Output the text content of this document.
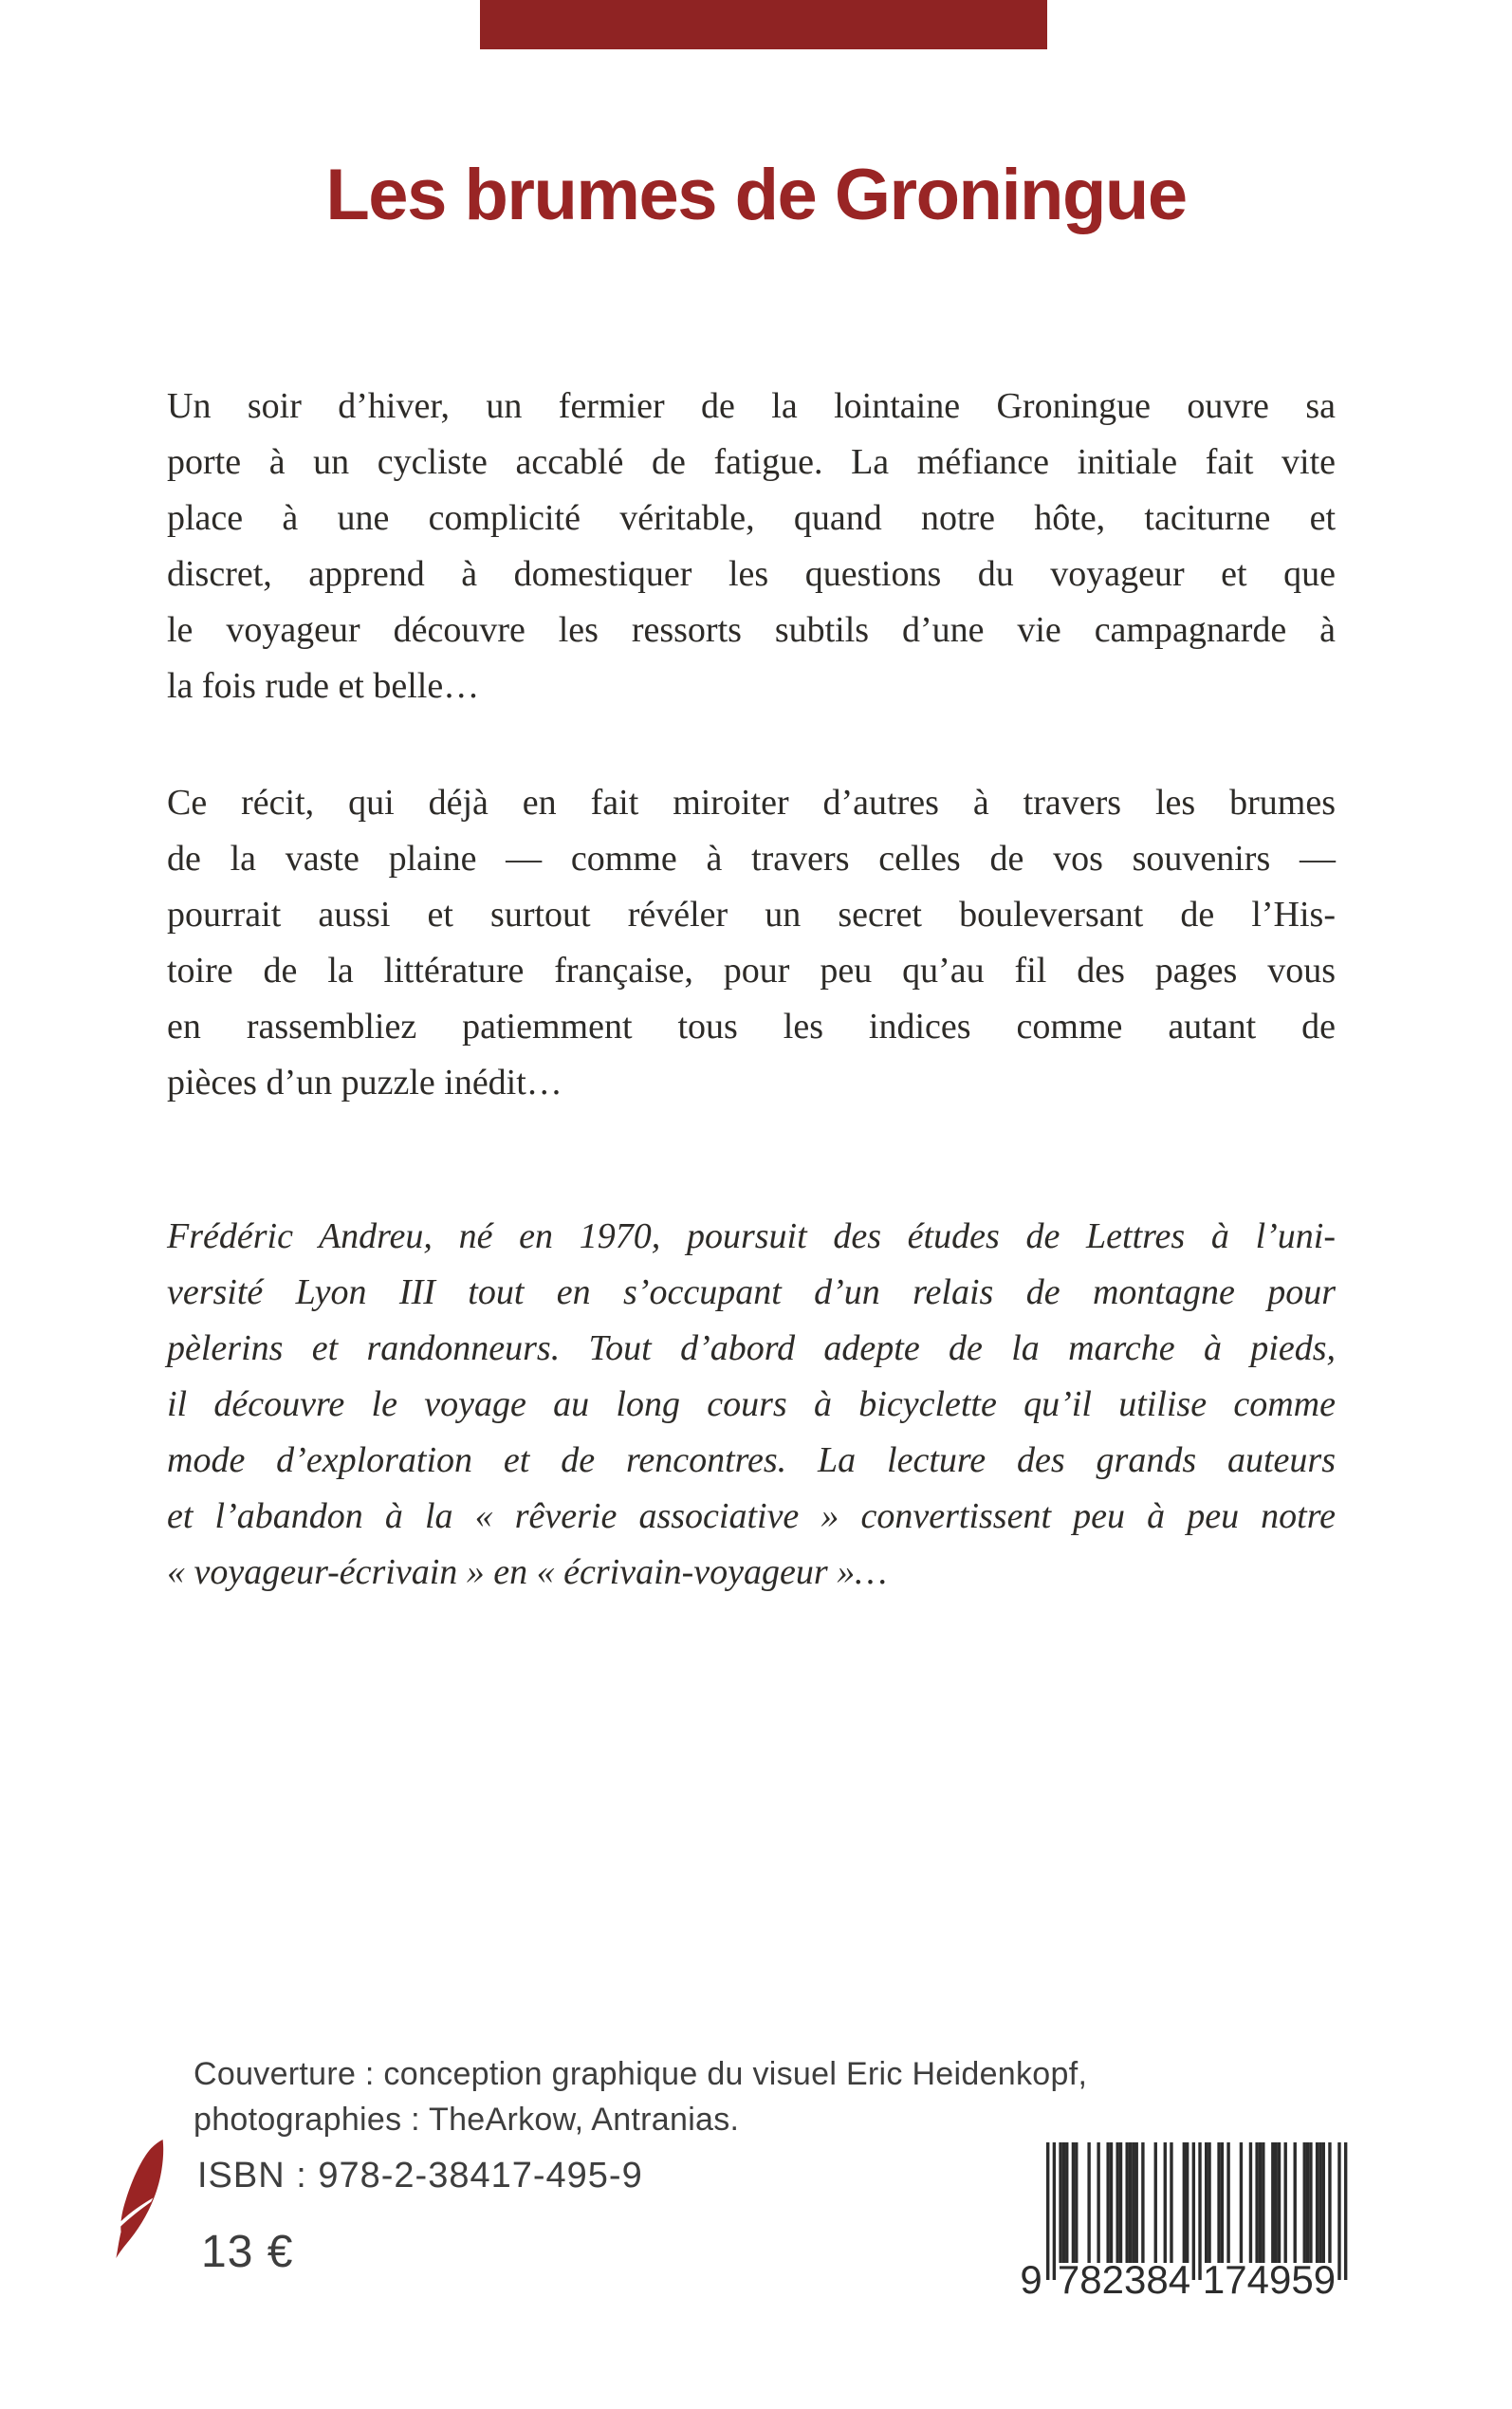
Les brumes de Groningue
Un soir d’hiver, un fermier de la lointaine Groningue ouvre sa
porte à un cycliste accablé de fatigue. La méfiance initiale fait vite
place à une complicité véritable, quand notre hôte, taciturne et
discret, apprend à domestiquer les questions du voyageur et que
le voyageur découvre les ressorts subtils d’une vie campagnarde à
la fois rude et belle…
Ce récit, qui déjà en fait miroiter d’autres à travers les brumes
de la vaste plaine — comme à travers celles de vos souvenirs —
pourrait aussi et surtout révéler un secret bouleversant de l’His-
toire de la littérature française, pour peu qu’au fil des pages vous
en rassembliez patiemment tous les indices comme autant de
pièces d’un puzzle inédit…
Frédéric Andreu, né en 1970, poursuit des études de Lettres à l’uni-
versité Lyon III tout en s’occupant d’un relais de montagne pour
pèlerins et randonneurs. Tout d’abord adepte de la marche à pieds,
il découvre le voyage au long cours à bicyclette qu’il utilise comme
mode d’exploration et de rencontres. La lecture des grands auteurs
et l’abandon à la « rêverie associative » convertissent peu à peu notre
« voyageur-écrivain » en « écrivain-voyageur »…
Couverture : conception graphique du visuel Eric Heidenkopf,
photographies : TheArkow, Antranias.
ISBN : 978-2-38417-495-9
13 €
9 782384 174959
